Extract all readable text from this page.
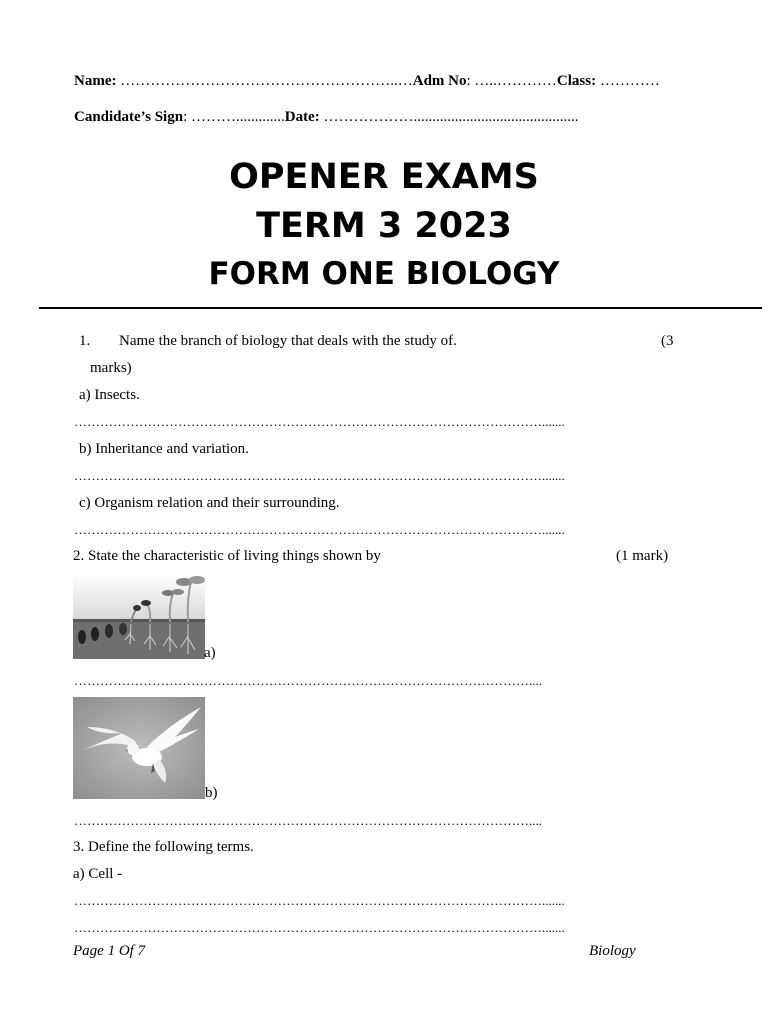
Name: ………………………………………………..…Adm No: …..…………Class: …………
Candidate’s Sign: ……….............Date: ………………............................................
OPENER EXAMS
TERM 3 2023
FORM ONE BIOLOGY
1. Name the branch of biology that deals with the study of.	(3
marks)
a) Insects.
……………………………………………………………………………………………….......
b) Inheritance and variation.
……………………………………………………………………………………………….......
c) Organism relation and their surrounding.
……………………………………………………………………………………………….......
2. State the characteristic of living things shown by	(1 mark)
a)
……………………………………………………………………………………………....
b)
……………………………………………………………………………………………....
3. Define the following terms.
a) Cell -
……………………………………………………………………………………………….......
……………………………………………………………………………………………….......
Page 1 Of 7	Biology
